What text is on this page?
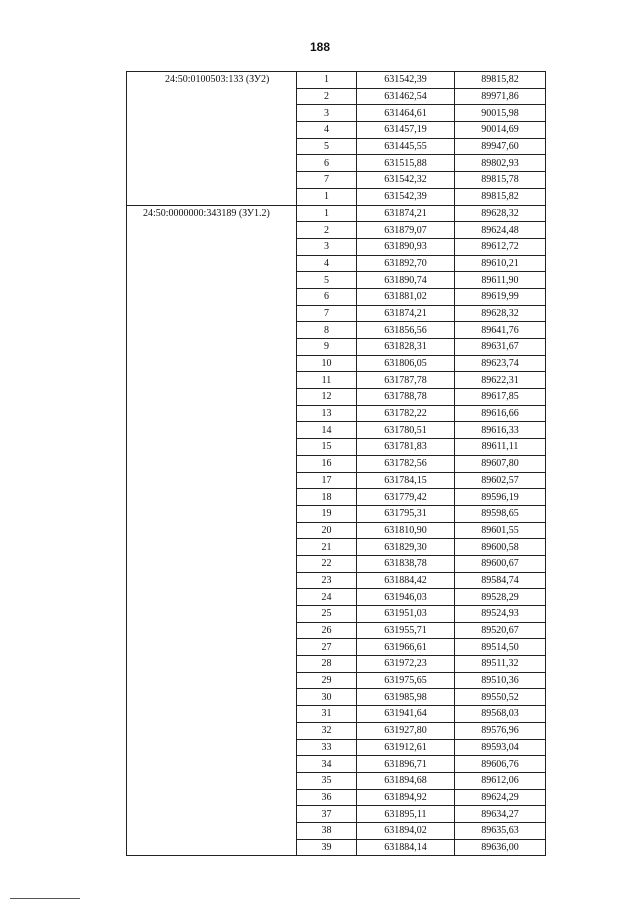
188
24:50:0100503:133 (ЗУ2)	1	631542,39	89815,82
	2	631462,54	89971,86
	3	631464,61	90015,98
	4	631457,19	90014,69
	5	631445,55	89947,60
	6	631515,88	89802,93
	7	631542,32	89815,78
	1	631542,39	89815,82
24:50:0000000:343189 (ЗУ1.2)	1	631874,21	89628,32
	2	631879,07	89624,48
	3	631890,93	89612,72
	4	631892,70	89610,21
	5	631890,74	89611,90
	6	631881,02	89619,99
	7	631874,21	89628,32
	8	631856,56	89641,76
	9	631828,31	89631,67
	10	631806,05	89623,74
	11	631787,78	89622,31
	12	631788,78	89617,85
	13	631782,22	89616,66
	14	631780,51	89616,33
	15	631781,83	89611,11
	16	631782,56	89607,80
	17	631784,15	89602,57
	18	631779,42	89596,19
	19	631795,31	89598,65
	20	631810,90	89601,55
	21	631829,30	89600,58
	22	631838,78	89600,67
	23	631884,42	89584,74
	24	631946,03	89528,29
	25	631951,03	89524,93
	26	631955,71	89520,67
	27	631966,61	89514,50
	28	631972,23	89511,32
	29	631975,65	89510,36
	30	631985,98	89550,52
	31	631941,64	89568,03
	32	631927,80	89576,96
	33	631912,61	89593,04
	34	631896,71	89606,76
	35	631894,68	89612,06
	36	631894,92	89624,29
	37	631895,11	89634,27
	38	631894,02	89635,63
	39	631884,14	89636,00
